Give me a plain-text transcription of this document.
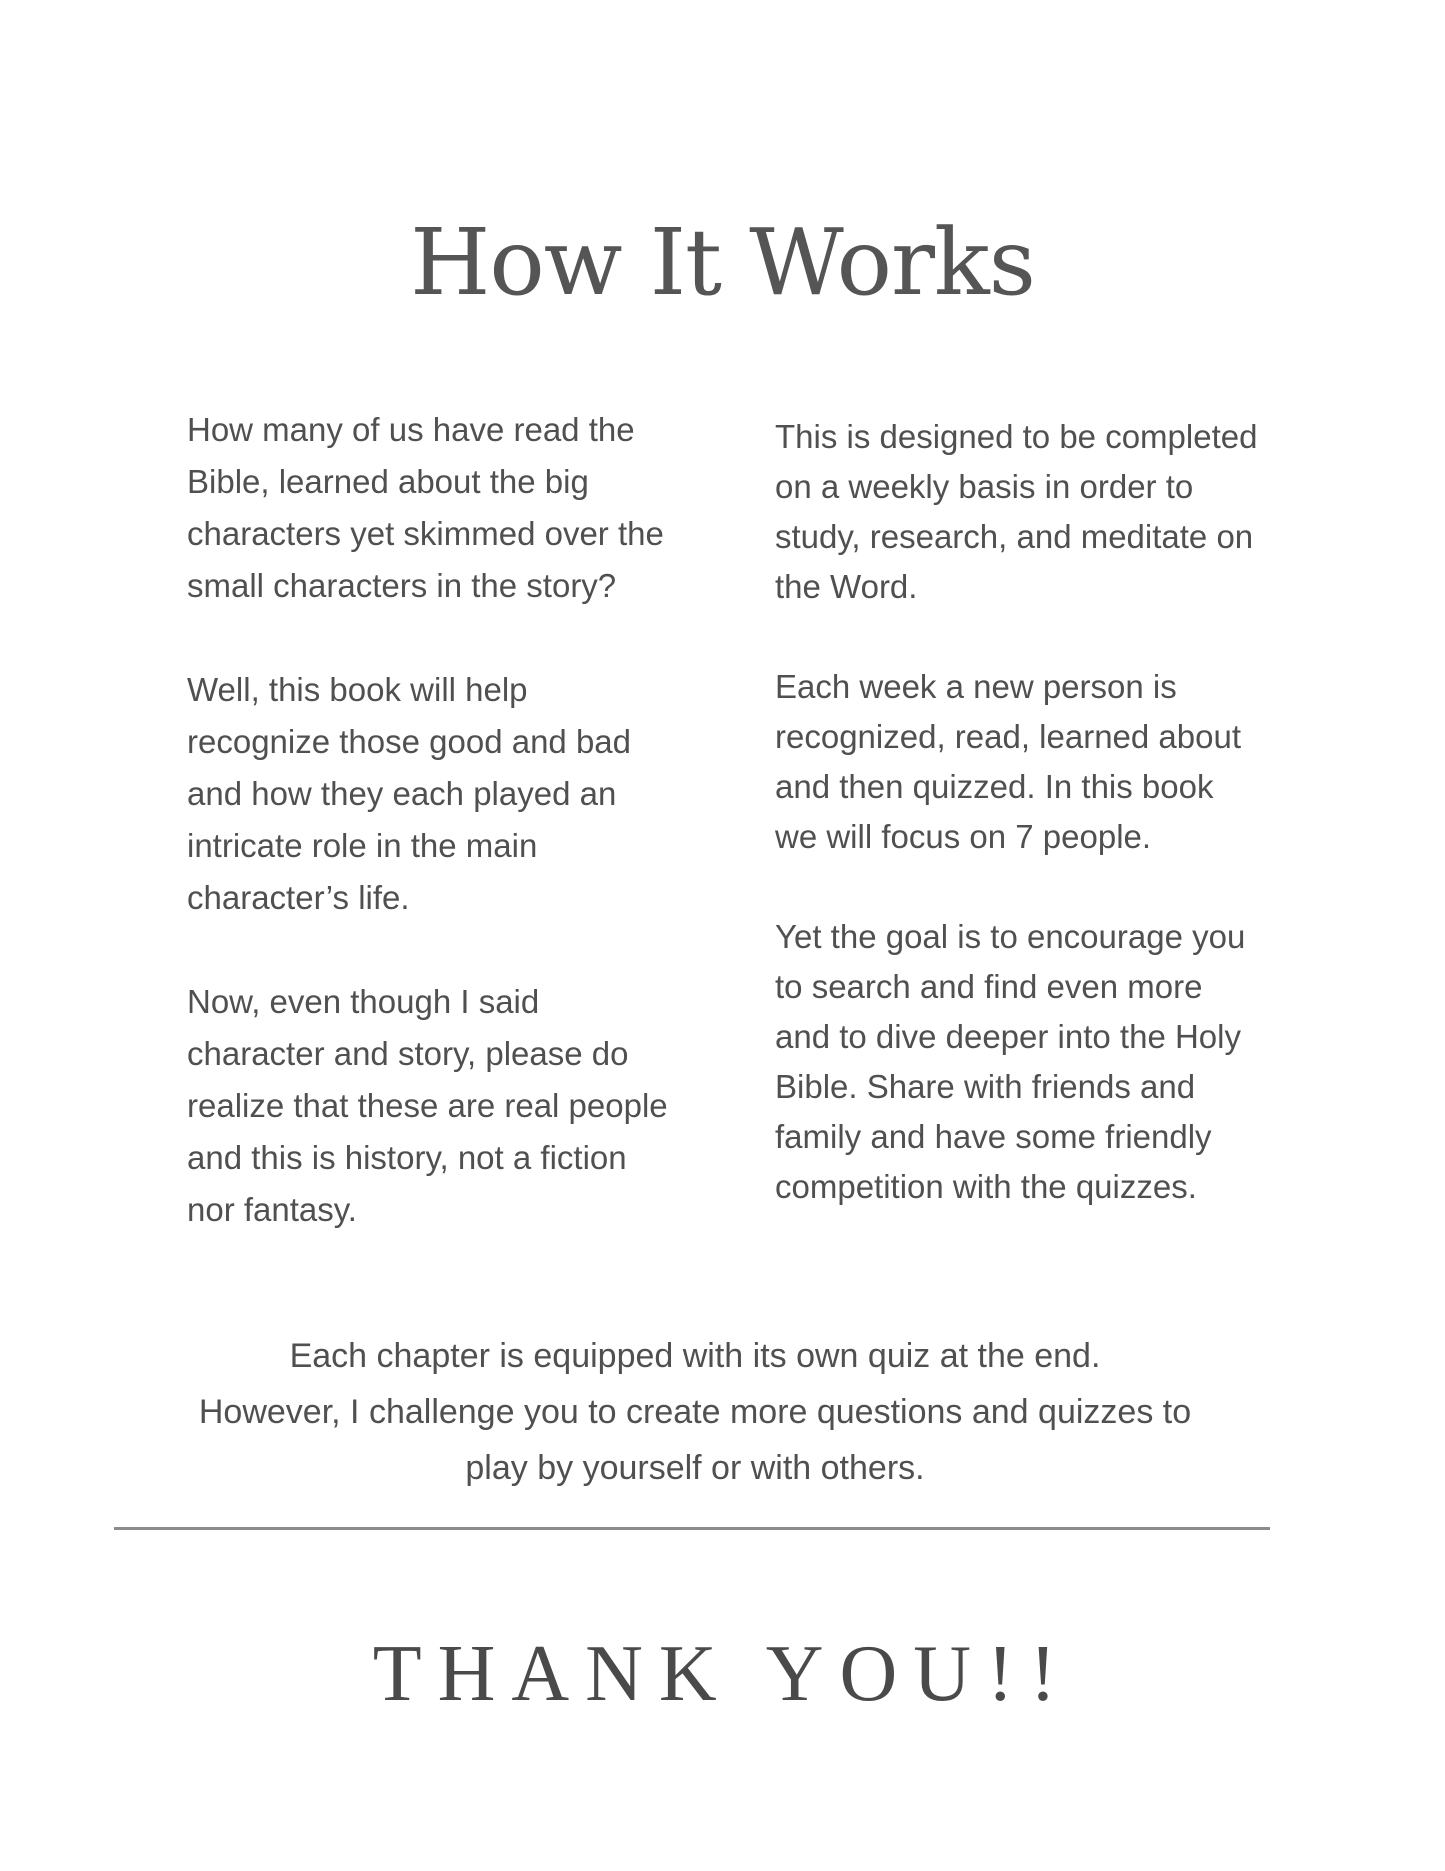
How It Works

How many of us have read the
Bible, learned about the big
characters yet skimmed over the
small characters in the story?

Well, this book will help
recognize those good and bad
and how they each played an
intricate role in the main
character’s life.

Now, even though I said
character and story, please do
realize that these are real people
and this is history, not a fiction
nor fantasy.

This is designed to be completed
on a weekly basis in order to
study, research, and meditate on
the Word.

Each week a new person is
recognized, read, learned about
and then quizzed. In this book
we will focus on 7 people.

Yet the goal is to encourage you
to search and find even more
and to dive deeper into the Holy
Bible. Share with friends and
family and have some friendly
competition with the quizzes.

Each chapter is equipped with its own quiz at the end.
However, I challenge you to create more questions and quizzes to
play by yourself or with others.

THANK YOU!!
